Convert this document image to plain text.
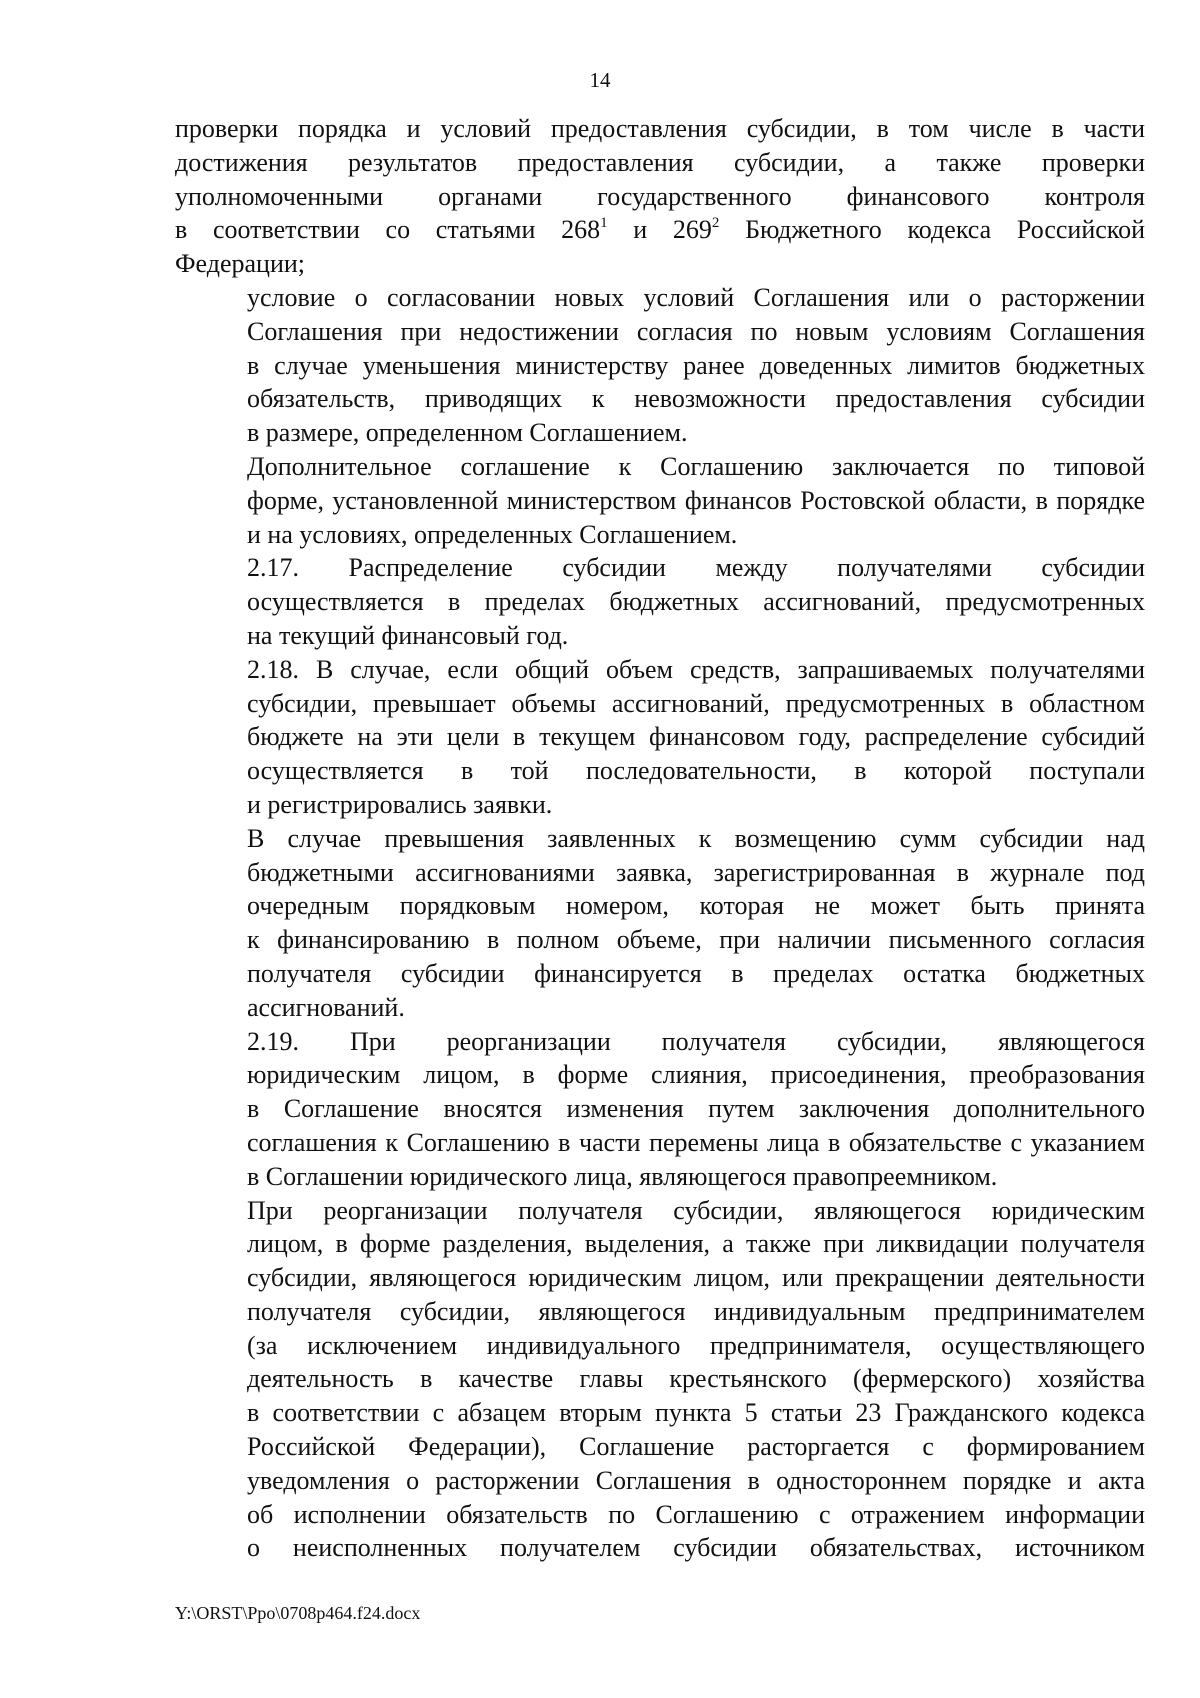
14

проверки порядка и условий предоставления субсидии, в том числе в части
достижения результатов предоставления субсидии, а также проверки
уполномоченными органами государственного финансового контроля
в соответствии со статьями $268^1$ и $269^2$ Бюджетного кодекса Российской
Федерации;

условие о согласовании новых условий Соглашения или о расторжении
Соглашения при недостижении согласия по новым условиям Соглашения
в случае уменьшения министерству ранее доведенных лимитов бюджетных
обязательств, приводящих к невозможности предоставления субсидии
в размере, определенном Соглашением.

Дополнительное соглашение к Соглашению заключается по типовой
форме, установленной министерством финансов Ростовской области, в порядке
и на условиях, определенных Соглашением.

2.17. Распределение субсидии между получателями субсидии
осуществляется в пределах бюджетных ассигнований, предусмотренных
на текущий финансовый год.

2.18. В случае, если общий объем средств, запрашиваемых получателями
субсидии, превышает объемы ассигнований, предусмотренных в областном
бюджете на эти цели в текущем финансовом году, распределение субсидий
осуществляется в той последовательности, в которой поступали
и регистрировались заявки.

В случае превышения заявленных к возмещению сумм субсидии над
бюджетными ассигнованиями заявка, зарегистрированная в журнале под
очередным порядковым номером, которая не может быть принята
к финансированию в полном объеме, при наличии письменного согласия
получателя субсидии финансируется в пределах остатка бюджетных
ассигнований.

2.19. При реорганизации получателя субсидии, являющегося
юридическим лицом, в форме слияния, присоединения, преобразования
в Соглашение вносятся изменения путем заключения дополнительного
соглашения к Соглашению в части перемены лица в обязательстве с указанием
в Соглашении юридического лица, являющегося правопреемником.

При реорганизации получателя субсидии, являющегося юридическим
лицом, в форме разделения, выделения, а также при ликвидации получателя
субсидии, являющегося юридическим лицом, или прекращении деятельности
получателя субсидии, являющегося индивидуальным предпринимателем
(за исключением индивидуального предпринимателя, осуществляющего
деятельность в качестве главы крестьянского (фермерского) хозяйства
в соответствии с абзацем вторым пункта 5 статьи 23 Гражданского кодекса
Российской Федерации), Соглашение расторгается с формированием
уведомления о расторжении Соглашения в одностороннем порядке и акта
об исполнении обязательств по Соглашению с отражением информации
о неисполненных получателем субсидии обязательствах, источником

Y:\ORST\Ppo\0708p464.f24.docx
